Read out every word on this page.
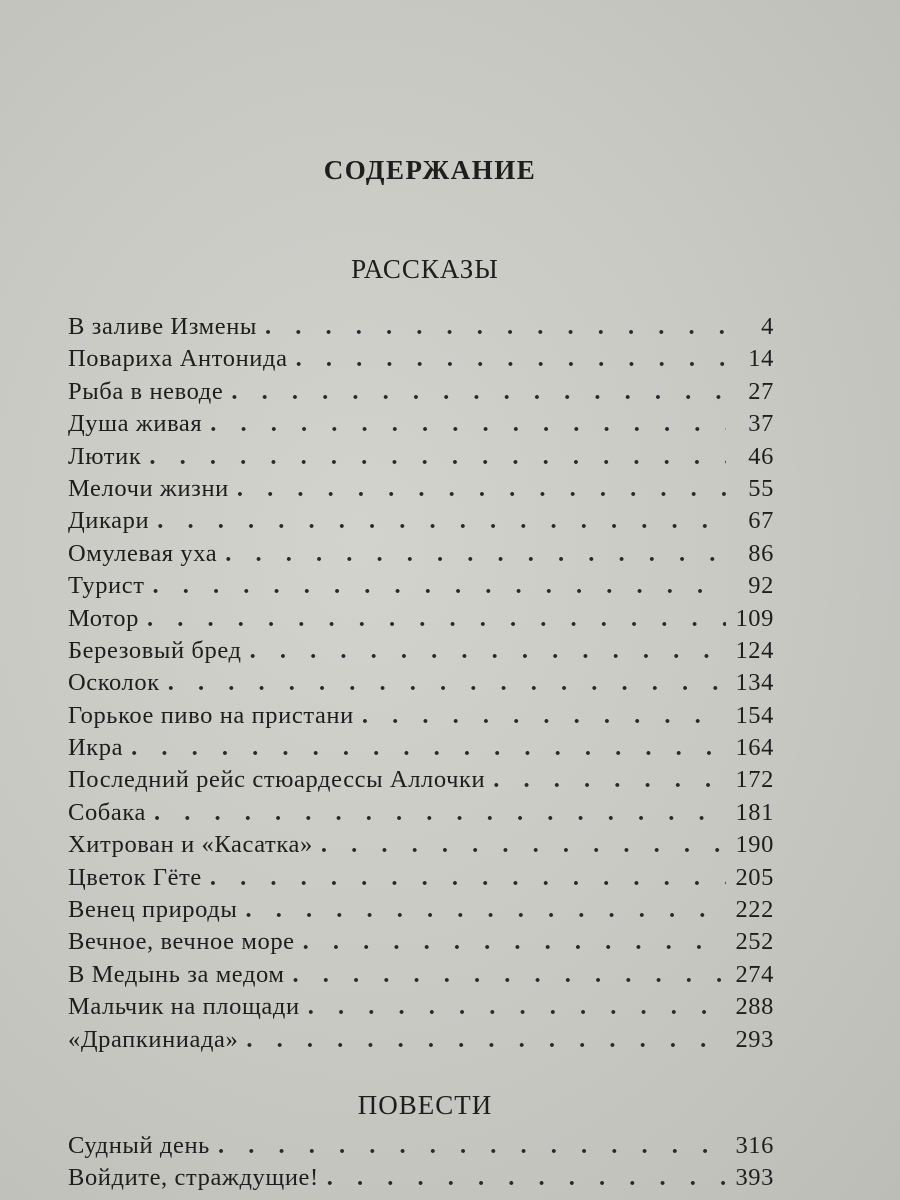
СОДЕРЖАНИЕ
РАССКАЗЫ
В заливе Измены . . .	4
Повариха Антонида . . .	14
Рыба в неводе . . .	27
Душа живая . . .	37
Лютик . . .	46
Мелочи жизни . . .	55
Дикари . . .	67
Омулевая уха . . .	86
Турист . . .	92
Мотор . . .	109
Березовый бред . . .	124
Осколок . . .	134
Горькое пиво на пристани . . .	154
Икра . . .	164
Последний рейс стюардессы Аллочки . . .	172
Собака . . .	181
Хитрован и «Касатка» . . .	190
Цветок Гёте . . .	205
Венец природы . . .	222
Вечное, вечное море . . .	252
В Медынь за медом . . .	274
Мальчик на площади . . .	288
«Драпкиниада» . . .	293
ПОВЕСТИ
Судный день . . .	316
Войдите, страждущие! . . .	393
